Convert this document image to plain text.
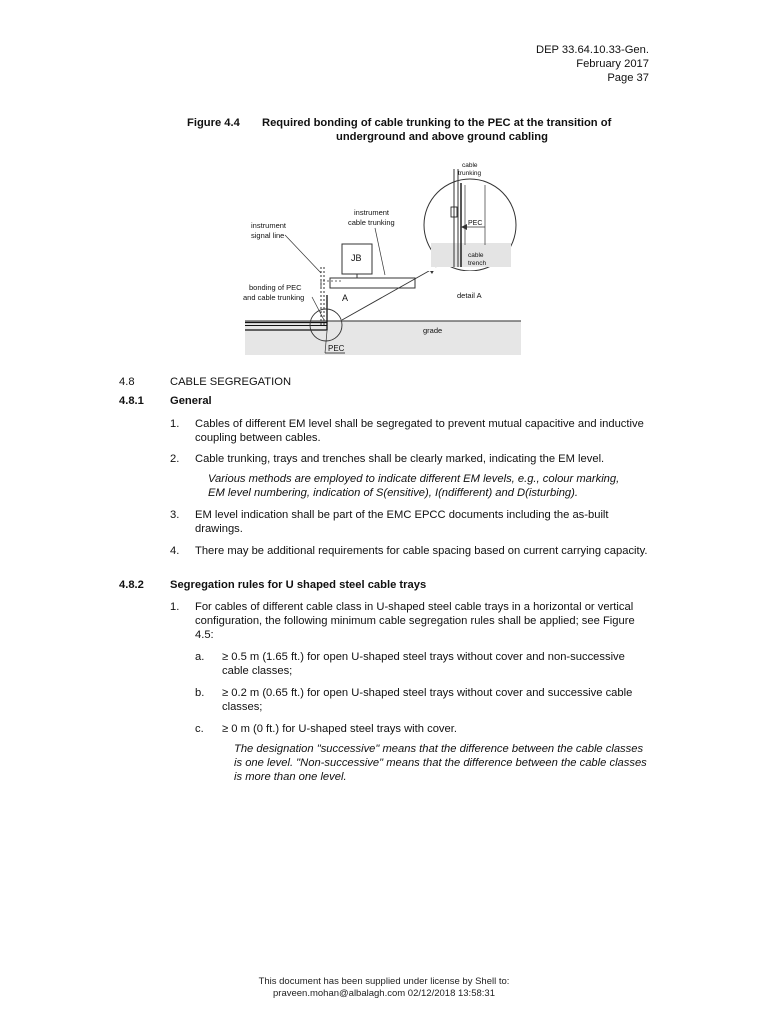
DEP 33.64.10.33-Gen.
February 2017
Page 37
Figure 4.4 Required bonding of cable trunking to the PEC at the transition of
underground and above ground cabling
JB
PEC
cable
trench
cable
trunking
detail A
instrument
cable trunking
instrument
signal line
bonding of PEC
and cable trunking	A
grade
PEC
4.8	CABLE SEGREGATION
4.8.1 General
1. Cables of different EM level shall be segregated to prevent mutual capacitive and inductive coupling between cables.
2. Cable trunking, trays and trenches shall be clearly marked, indicating the EM level.
Various methods are employed to indicate different EM levels, e.g., colour marking, EM level numbering, indication of S(ensitive), I(ndifferent) and D(isturbing).
3. EM level indication shall be part of the EMC EPCC documents including the as-built drawings.
4. There may be additional requirements for cable spacing based on current carrying capacity.
4.8.2 Segregation rules for U shaped steel cable trays
1. For cables of different cable class in U-shaped steel cable trays in a horizontal or vertical configuration, the following minimum cable segregation rules shall be applied; see Figure 4.5:
a. ≥ 0.5 m (1.65 ft.) for open U-shaped steel trays without cover and non-successive cable classes;
b. ≥ 0.2 m (0.65 ft.) for open U-shaped steel trays without cover and successive cable classes;
c. ≥ 0 m (0 ft.) for U-shaped steel trays with cover.
The designation "successive" means that the difference between the cable classes is one level. "Non-successive" means that the difference between the cable classes is more than one level.
This document has been supplied under license by Shell to:
praveen.mohan@albalagh.com 02/12/2018 13:58:31
